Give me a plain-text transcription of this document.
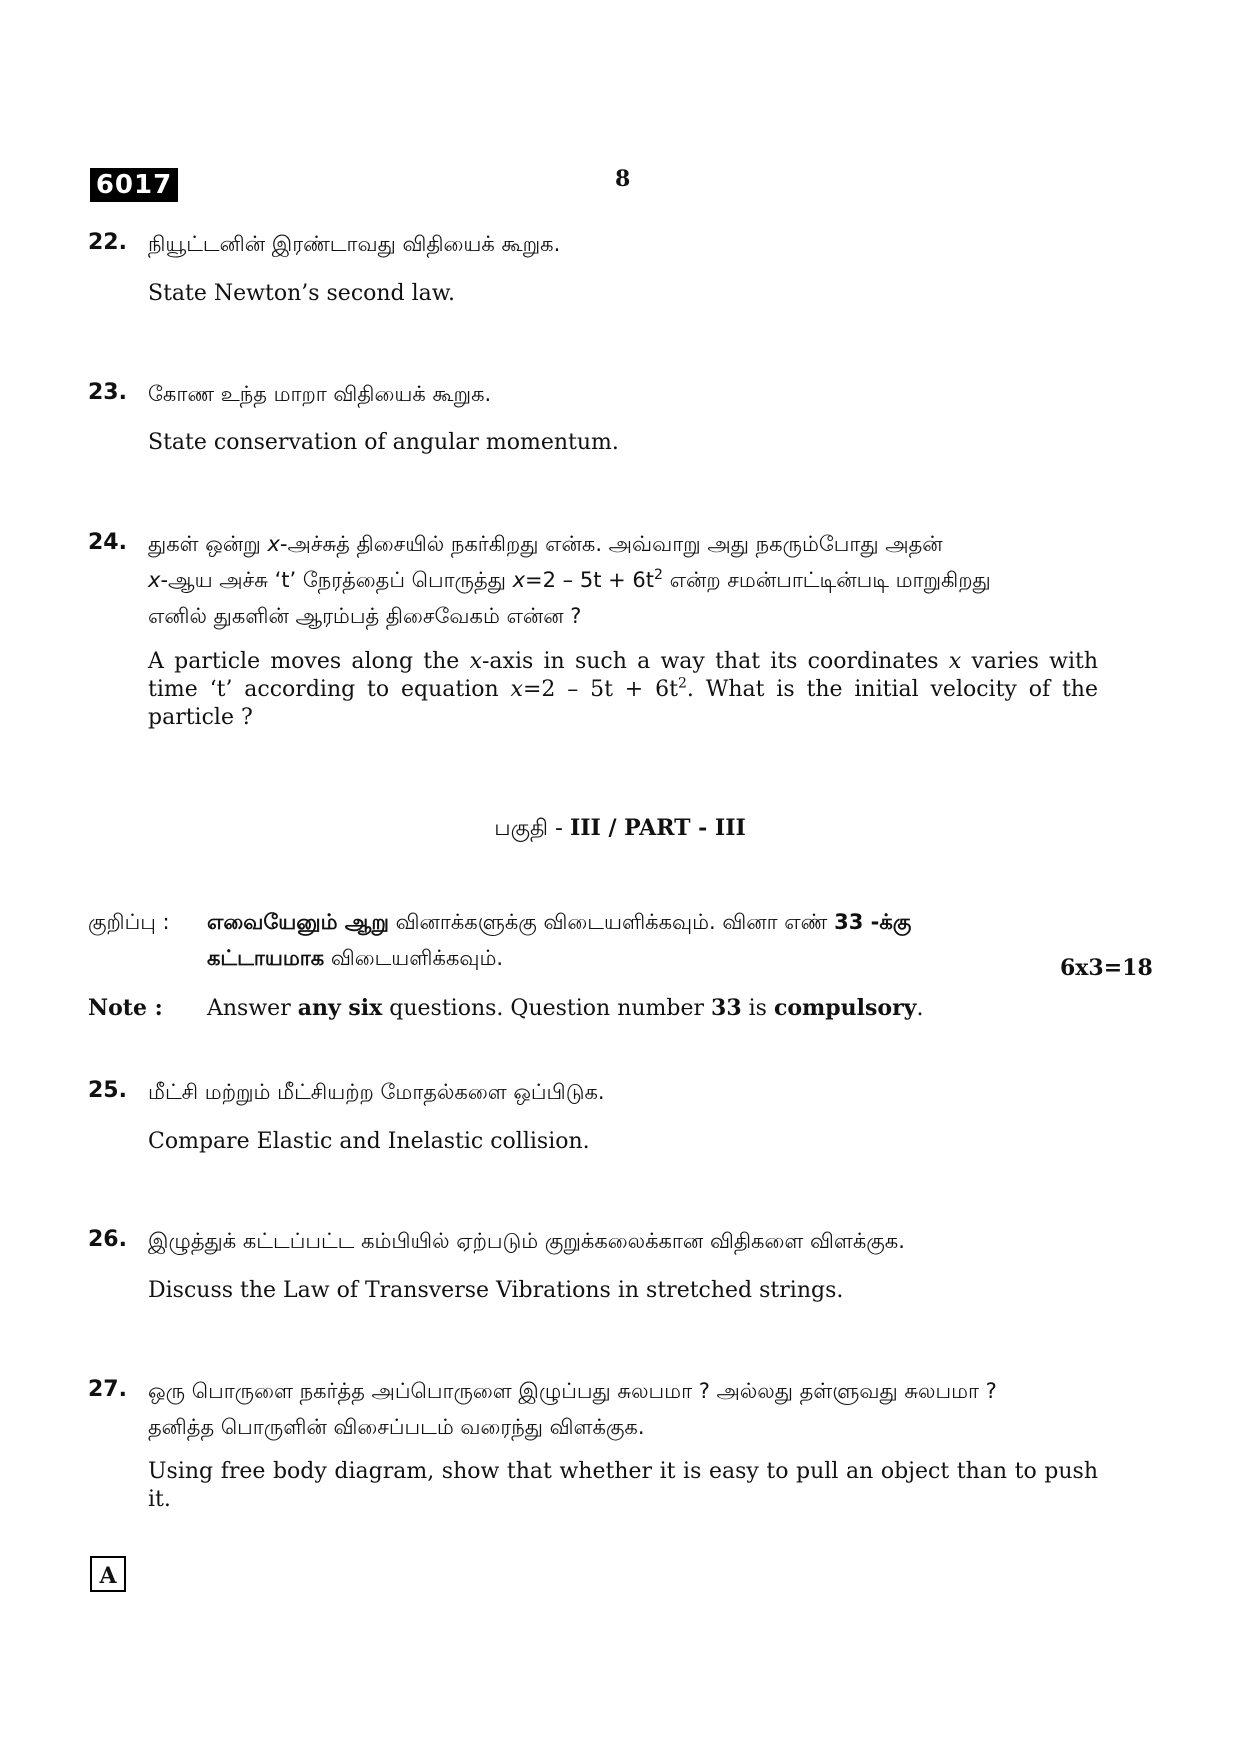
6017	8
22. நியூட்டனின் இரண்டாவது விதியைக் கூறுக.
State Newton’s second law.
23. கோண உந்த மாறா விதியைக் கூறுக.
State conservation of angular momentum.
24. துகள் ஒன்று x-அச்சுத் திசையில் நகர்கிறது என்க. அவ்வாறு அது நகரும்போது அதன்
x-ஆய அச்சு ‘t’ நேரத்தைப் பொருத்து $x=2 - 5t + 6t^2$ என்ற சமன்பாட்டின்படி மாறுகிறது
எனில் துகளின் ஆரம்பத் திசைவேகம் என்ன ?
A particle moves along the x-axis in such a way that its coordinates x varies with time ‘t’ according to equation $x=2 - 5t + 6t^2$. What is the initial velocity of the particle ?
பகுதி - III / PART - III
குறிப்பு : எவையேனும் ஆறு வினாக்களுக்கு விடையளிக்கவும். வினா எண் 33 -க்கு
கட்டாயமாக விடையளிக்கவும்.	6x3=18
Note : Answer any six questions. Question number 33 is compulsory.
25. மீட்சி மற்றும் மீட்சியற்ற மோதல்களை ஒப்பிடுக.
Compare Elastic and Inelastic collision.
26. இழுத்துக் கட்டப்பட்ட கம்பியில் ஏற்படும் குறுக்கலைக்கான விதிகளை விளக்குக.
Discuss the Law of Transverse Vibrations in stretched strings.
27. ஒரு பொருளை நகர்த்த அப்பொருளை இழுப்பது சுலபமா ? அல்லது தள்ளுவது சுலபமா ?
தனித்த பொருளின் விசைப்படம் வரைந்து விளக்குக.
Using free body diagram, show that whether it is easy to pull an object than to push it.
A
